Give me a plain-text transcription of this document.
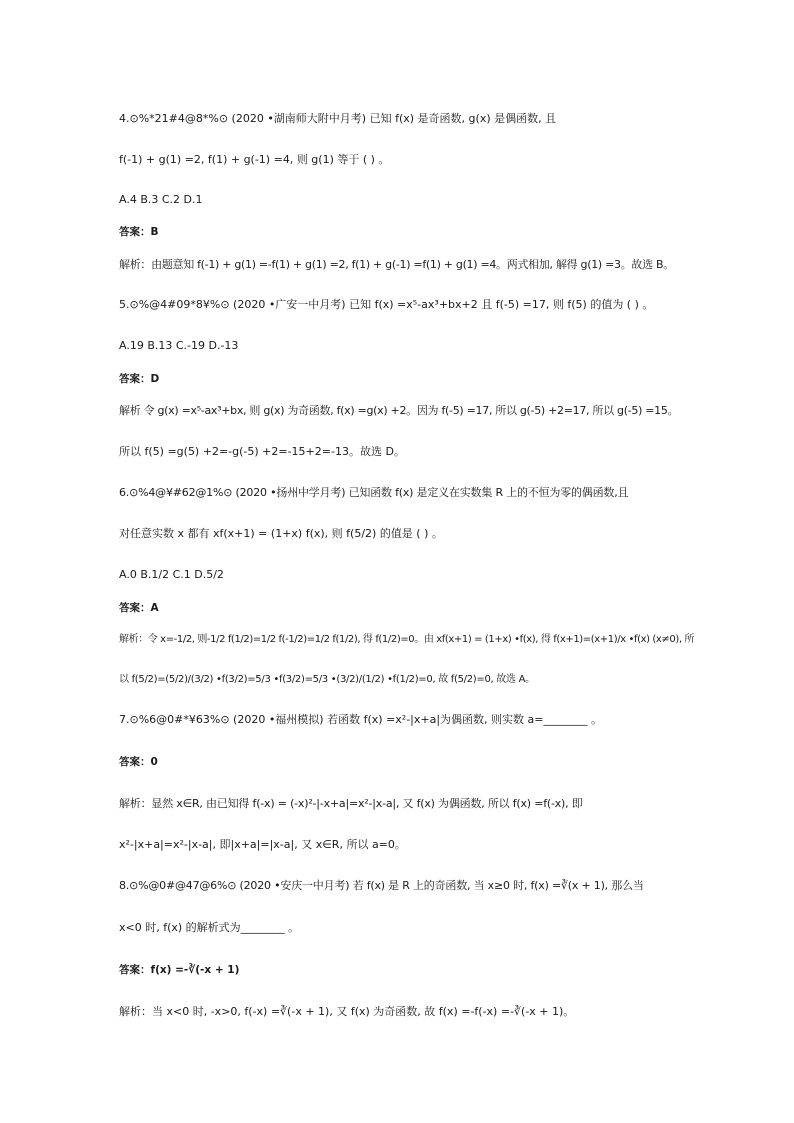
4.⊙%*21#4@8*%⊙ (2020 •湖南师大附中月考) 已知 f(x) 是奇函数, g(x) 是偶函数, 且
f(-1) + g(1) =2, f(1) + g(-1) =4, 则 g(1) 等于 ( ) 。
A.4 B.3 C.2 D.1
答案：B
解析：由题意知 f(-1) + g(1) =-f(1) + g(1) =2, f(1) + g(-1) =f(1) + g(1) =4。两式相加, 解得 g(1) =3。故选 B。
5.⊙%@4#09*8¥%⊙ (2020 •广安一中月考) 已知 f(x) =x⁵-ax³+bx+2 且 f(-5) =17, 则 f(5) 的值为 ( ) 。
A.19 B.13 C.-19 D.-13
答案：D
解析 令 g(x) =x⁵-ax³+bx, 则 g(x) 为奇函数, f(x) =g(x) +2。因为 f(-5) =17, 所以 g(-5) +2=17, 所以 g(-5) =15。
所以 f(5) =g(5) +2=-g(-5) +2=-15+2=-13。故选 D。
6.⊙%4@¥#62@1%⊙ (2020 •扬州中学月考) 已知函数 f(x) 是定义在实数集 R 上的不恒为零的偶函数,且
对任意实数 x 都有 xf(x+1) = (1+x) f(x), 则 f(5/2) 的值是 ( ) 。
A.0 B.1/2 C.1 D.5/2
答案：A
解析：令 x=-1/2, 则-1/2 f(1/2)=1/2 f(-1/2)=1/2 f(1/2), 得 f(1/2)=0。由 xf(x+1) = (1+x) •f(x), 得 f(x+1)=(x+1)/x •f(x) (x≠0), 所
以 f(5/2)=(5/2)/(3/2) •f(3/2)=5/3 •f(3/2)=5/3 •(3/2)/(1/2) •f(1/2)=0, 故 f(5/2)=0, 故选 A。
7.⊙%6@0#*¥63%⊙ (2020 •福州模拟) 若函数 f(x) =x²-|x+a|为偶函数, 则实数 a=________ 。
答案：0
解析：显然 x∈R, 由已知得 f(-x) = (-x)²-|-x+a|=x²-|x-a|, 又 f(x) 为偶函数, 所以 f(x) =f(-x), 即
x²-|x+a|=x²-|x-a|, 即|x+a|=|x-a|, 又 x∈R, 所以 a=0。
8.⊙%@0#@47@6%⊙ (2020 •安庆一中月考) 若 f(x) 是 R 上的奇函数, 当 x≥0 时, f(x) =∛(x + 1), 那么当
x<0 时, f(x) 的解析式为________ 。
答案：f(x) =-∛(-x + 1)
解析：当 x<0 时, -x>0, f(-x) =∛(-x + 1), 又 f(x) 为奇函数, 故 f(x) =-f(-x) =-∛(-x + 1)。
